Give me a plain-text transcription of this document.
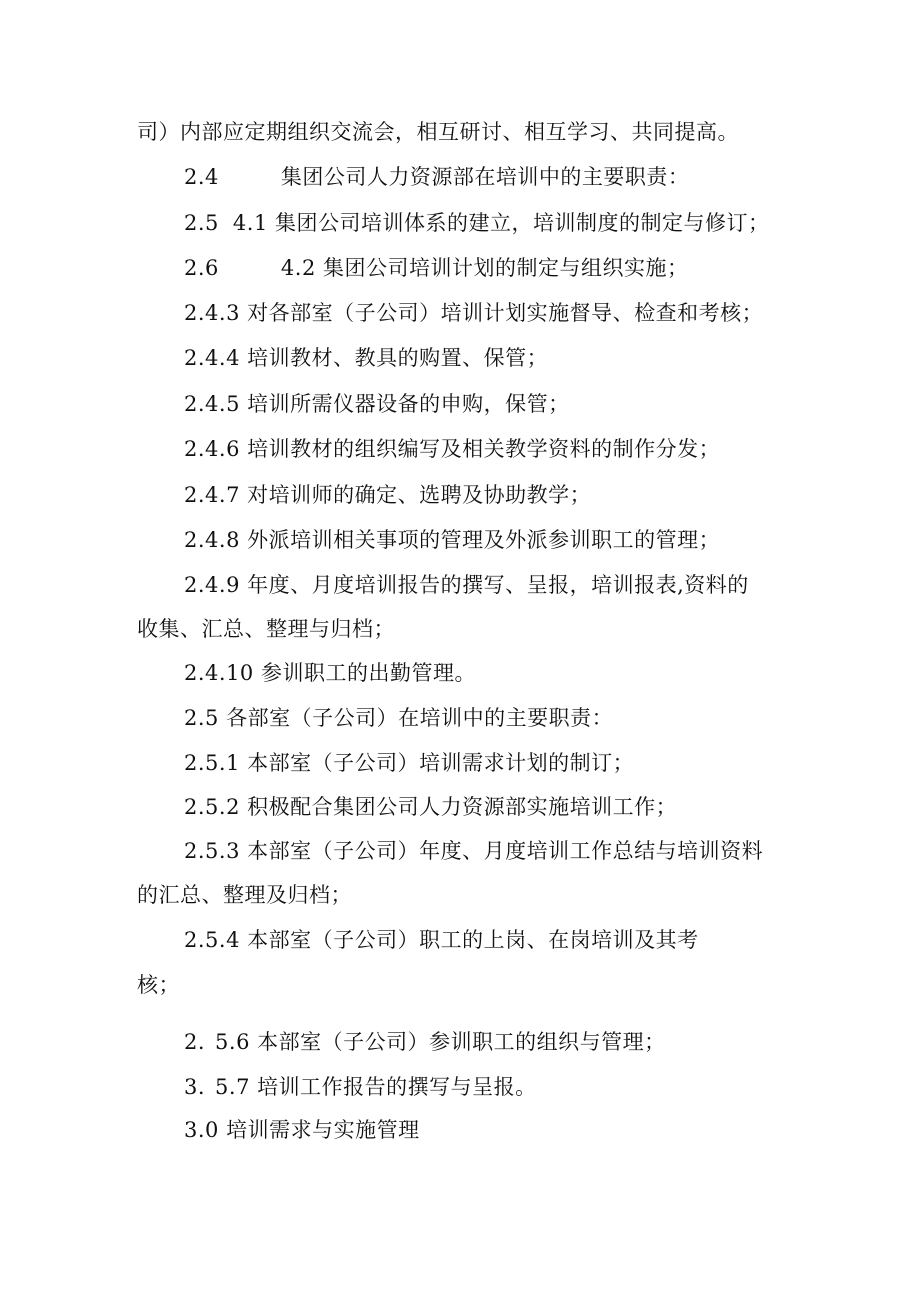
司）内部应定期组织交流会，相互研讨、相互学习、共同提高。
2.4	集团公司人力资源部在培训中的主要职责：
2.5 4.1 集团公司培训体系的建立，培训制度的制定与修订；
2.6	4.2 集团公司培训计划的制定与组织实施；
2.4.3 对各部室（子公司）培训计划实施督导、检查和考核；
2.4.4 培训教材、教具的购置、保管；
2.4.5 培训所需仪器设备的申购，保管；
2.4.6 培训教材的组织编写及相关教学资料的制作分发；
2.4.7 对培训师的确定、选聘及协助教学；
2.4.8 外派培训相关事项的管理及外派参训职工的管理；
2.4.9 年度、月度培训报告的撰写、呈报，培训报表,资料的
收集、汇总、整理与归档；
2.4.10 参训职工的出勤管理。
2.5 各部室（子公司）在培训中的主要职责：
2.5.1 本部室（子公司）培训需求计划的制订；
2.5.2 积极配合集团公司人力资源部实施培训工作；
2.5.3 本部室（子公司）年度、月度培训工作总结与培训资料
的汇总、整理及归档；
2.5.4 本部室（子公司）职工的上岗、在岗培训及其考
核；
2. 5.6 本部室（子公司）参训职工的组织与管理；
3. 5.7 培训工作报告的撰写与呈报。
3.0 培训需求与实施管理
